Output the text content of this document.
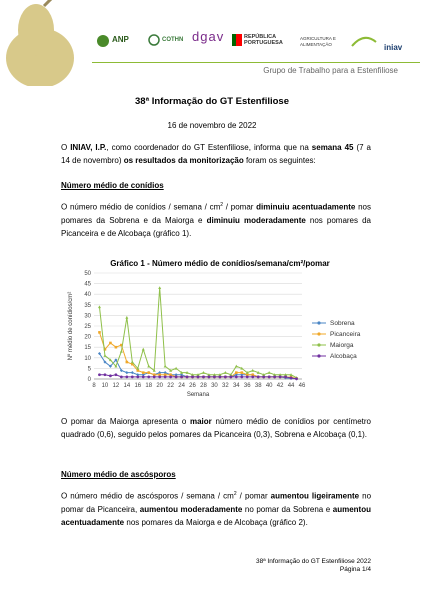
ANP	COTHN dgav	REPÚBLICA PORTUGUESA
AGRICULTURA E ALIMENTAÇÃO	iniav
Grupo de Trabalho para a Estenfiliose
38ª Informação do GT Estenfiliose
16 de novembro de 2022

O INIAV, I.P., como coordenador do GT Estenfiliose, informa que na semana 45 (7 a 14 de novembro) os resultados da monitorização foram os seguintes:

Número médio de conídios

O número médio de conídios / semana / $cm^2$ / pomar diminuiu acentuadamente nos pomares da Sobrena e da Maiorga e diminuiu moderadamente nos pomares da Picanceira e de Alcobaça (gráfico 1).

Gráfico 1 - Número médio de conídios/semana/cm²/pomar
0
5
10
15
20
25
30
35
40
45
50
8 10 12 14 16 18 20 22 24 26 28 30 32 34 36 38 40 42 44 46
Semana
Nº médio de conídios/cm²	Sobrena
Picanceira
Maiorga
Alcobaça

O pomar da Maiorga apresenta o maior número médio de conídios por centímetro quadrado (0,6), seguido pelos pomares da Picanceira (0,3), Sobrena e Alcobaça (0,1).

Número médio de ascósporos

O número médio de ascósporos / semana / $cm^2$ / pomar aumentou ligeiramente no pomar da Picanceira, aumentou moderadamente no pomar da Sobrena e aumentou acentuadamente nos pomares da Maiorga e de Alcobaça (gráfico 2).

38ª Informação do GT Estenfiliose 2022
Página 1/4
